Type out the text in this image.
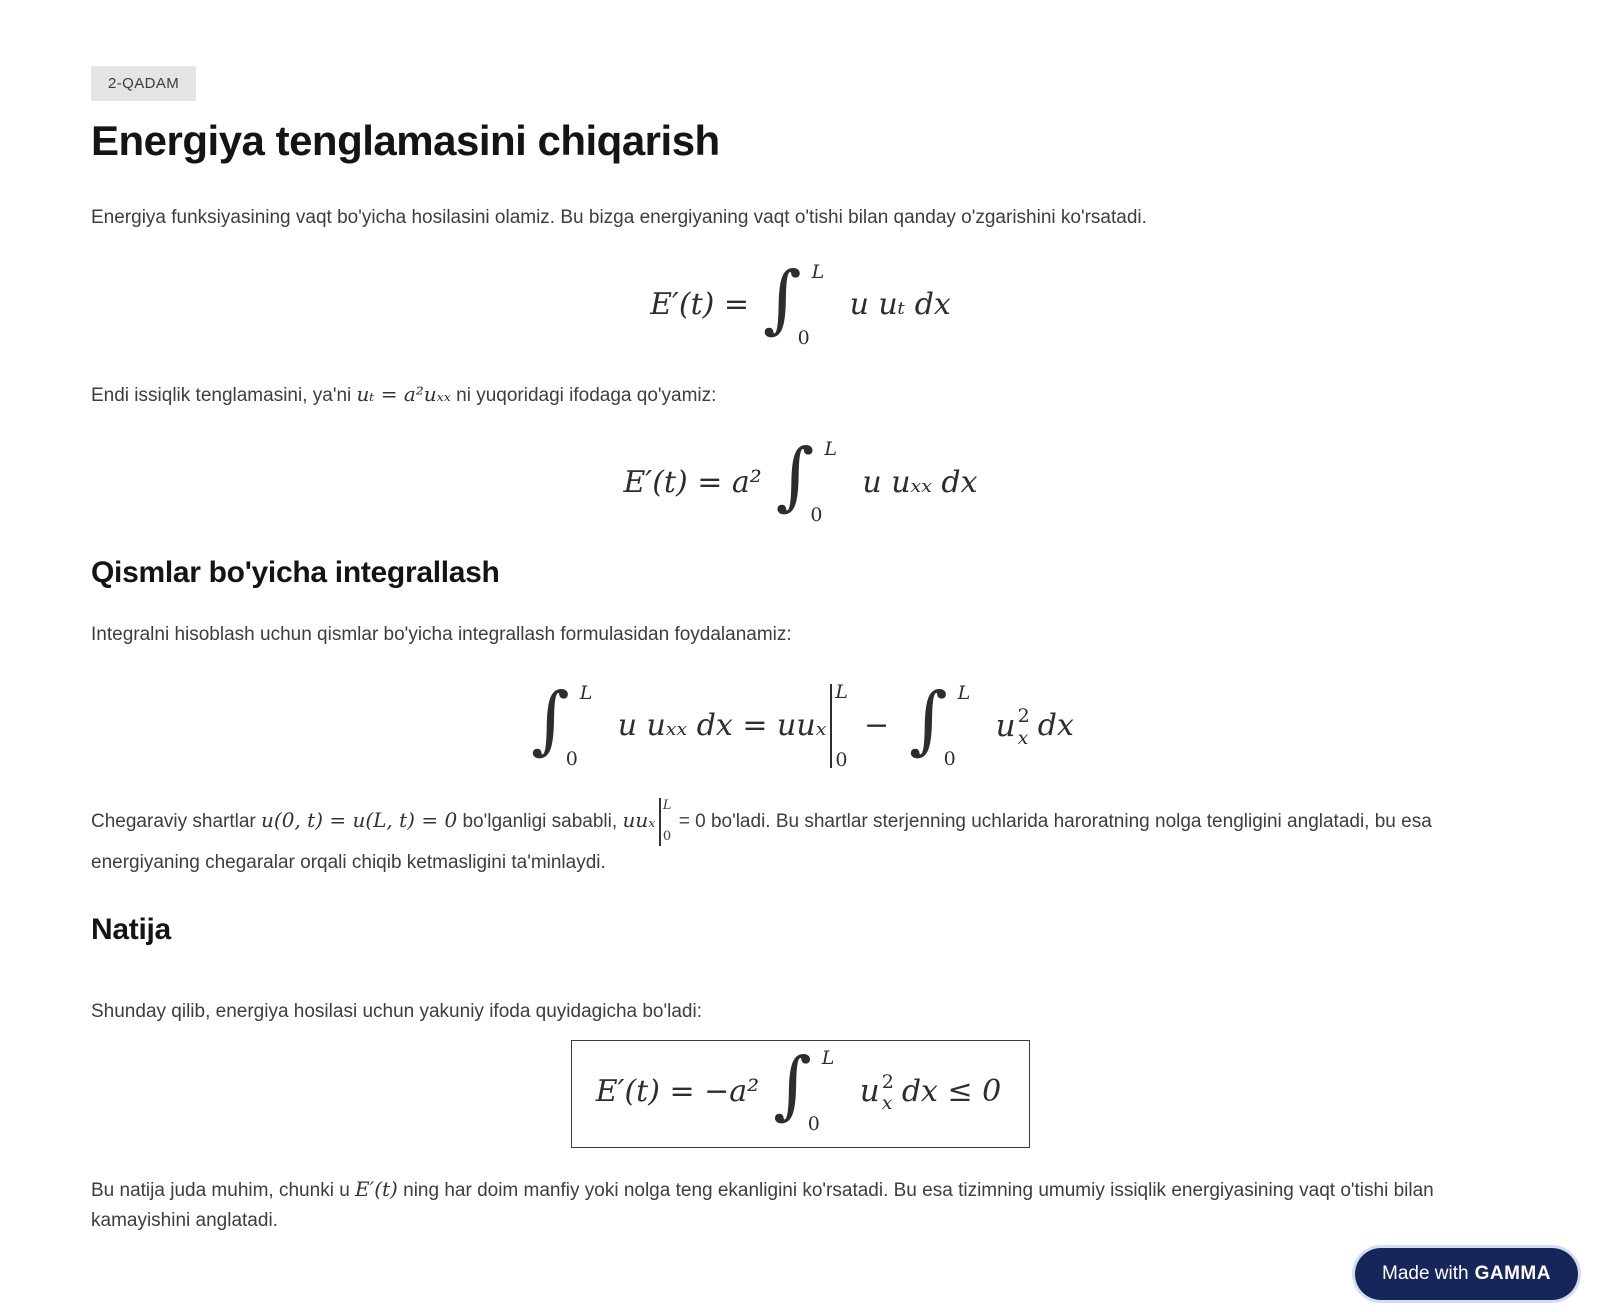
2-QADAM
Energiya tenglamasini chiqarish

Energiya funksiyasining vaqt bo'yicha hosilasini olamiz. Bu bizga energiyaning vaqt o'tishi bilan qanday o'zgarishini ko'rsatadi.

E′(t) = ∫ L
0
u uₜ dx

Endi issiqlik tenglamasini, ya'ni uₜ = a²uₓₓ ni yuqoridagi ifodaga qo'yamiz:

E′(t) = a² ∫ L
0
u uₓₓ dx
Qismlar bo'yicha integrallash

Integralni hisoblash uchun qismlar bo'yicha integrallash formulasidan foydalanamiz:

∫ L
0
u uₓₓ dx = uuₓ
L
0
− ∫ L
0
u 2
x dx

Chegaraviy shartlar u(0, t) = u(L, t) = 0 bo'lganligi sababli, uuₓ
L
0
= 0 bo'ladi. Bu shartlar sterjenning uchlarida haroratning nolga tengligini anglatadi, bu esa energiyaning chegaralar orqali chiqib ketmasligini ta'minlaydi.

Natija

Shunday qilib, energiya hosilasi uchun yakuniy ifoda quyidagicha bo'ladi:

E′(t) = −a² ∫ L
0
u 2
x dx ≤ 0

Bu natija juda muhim, chunki u E′(t) ning har doim manfiy yoki nolga teng ekanligini ko'rsatadi. Bu esa tizimning umumiy issiqlik energiyasining vaqt o'tishi bilan kamayishini anglatadi.

Made with GAMMA
